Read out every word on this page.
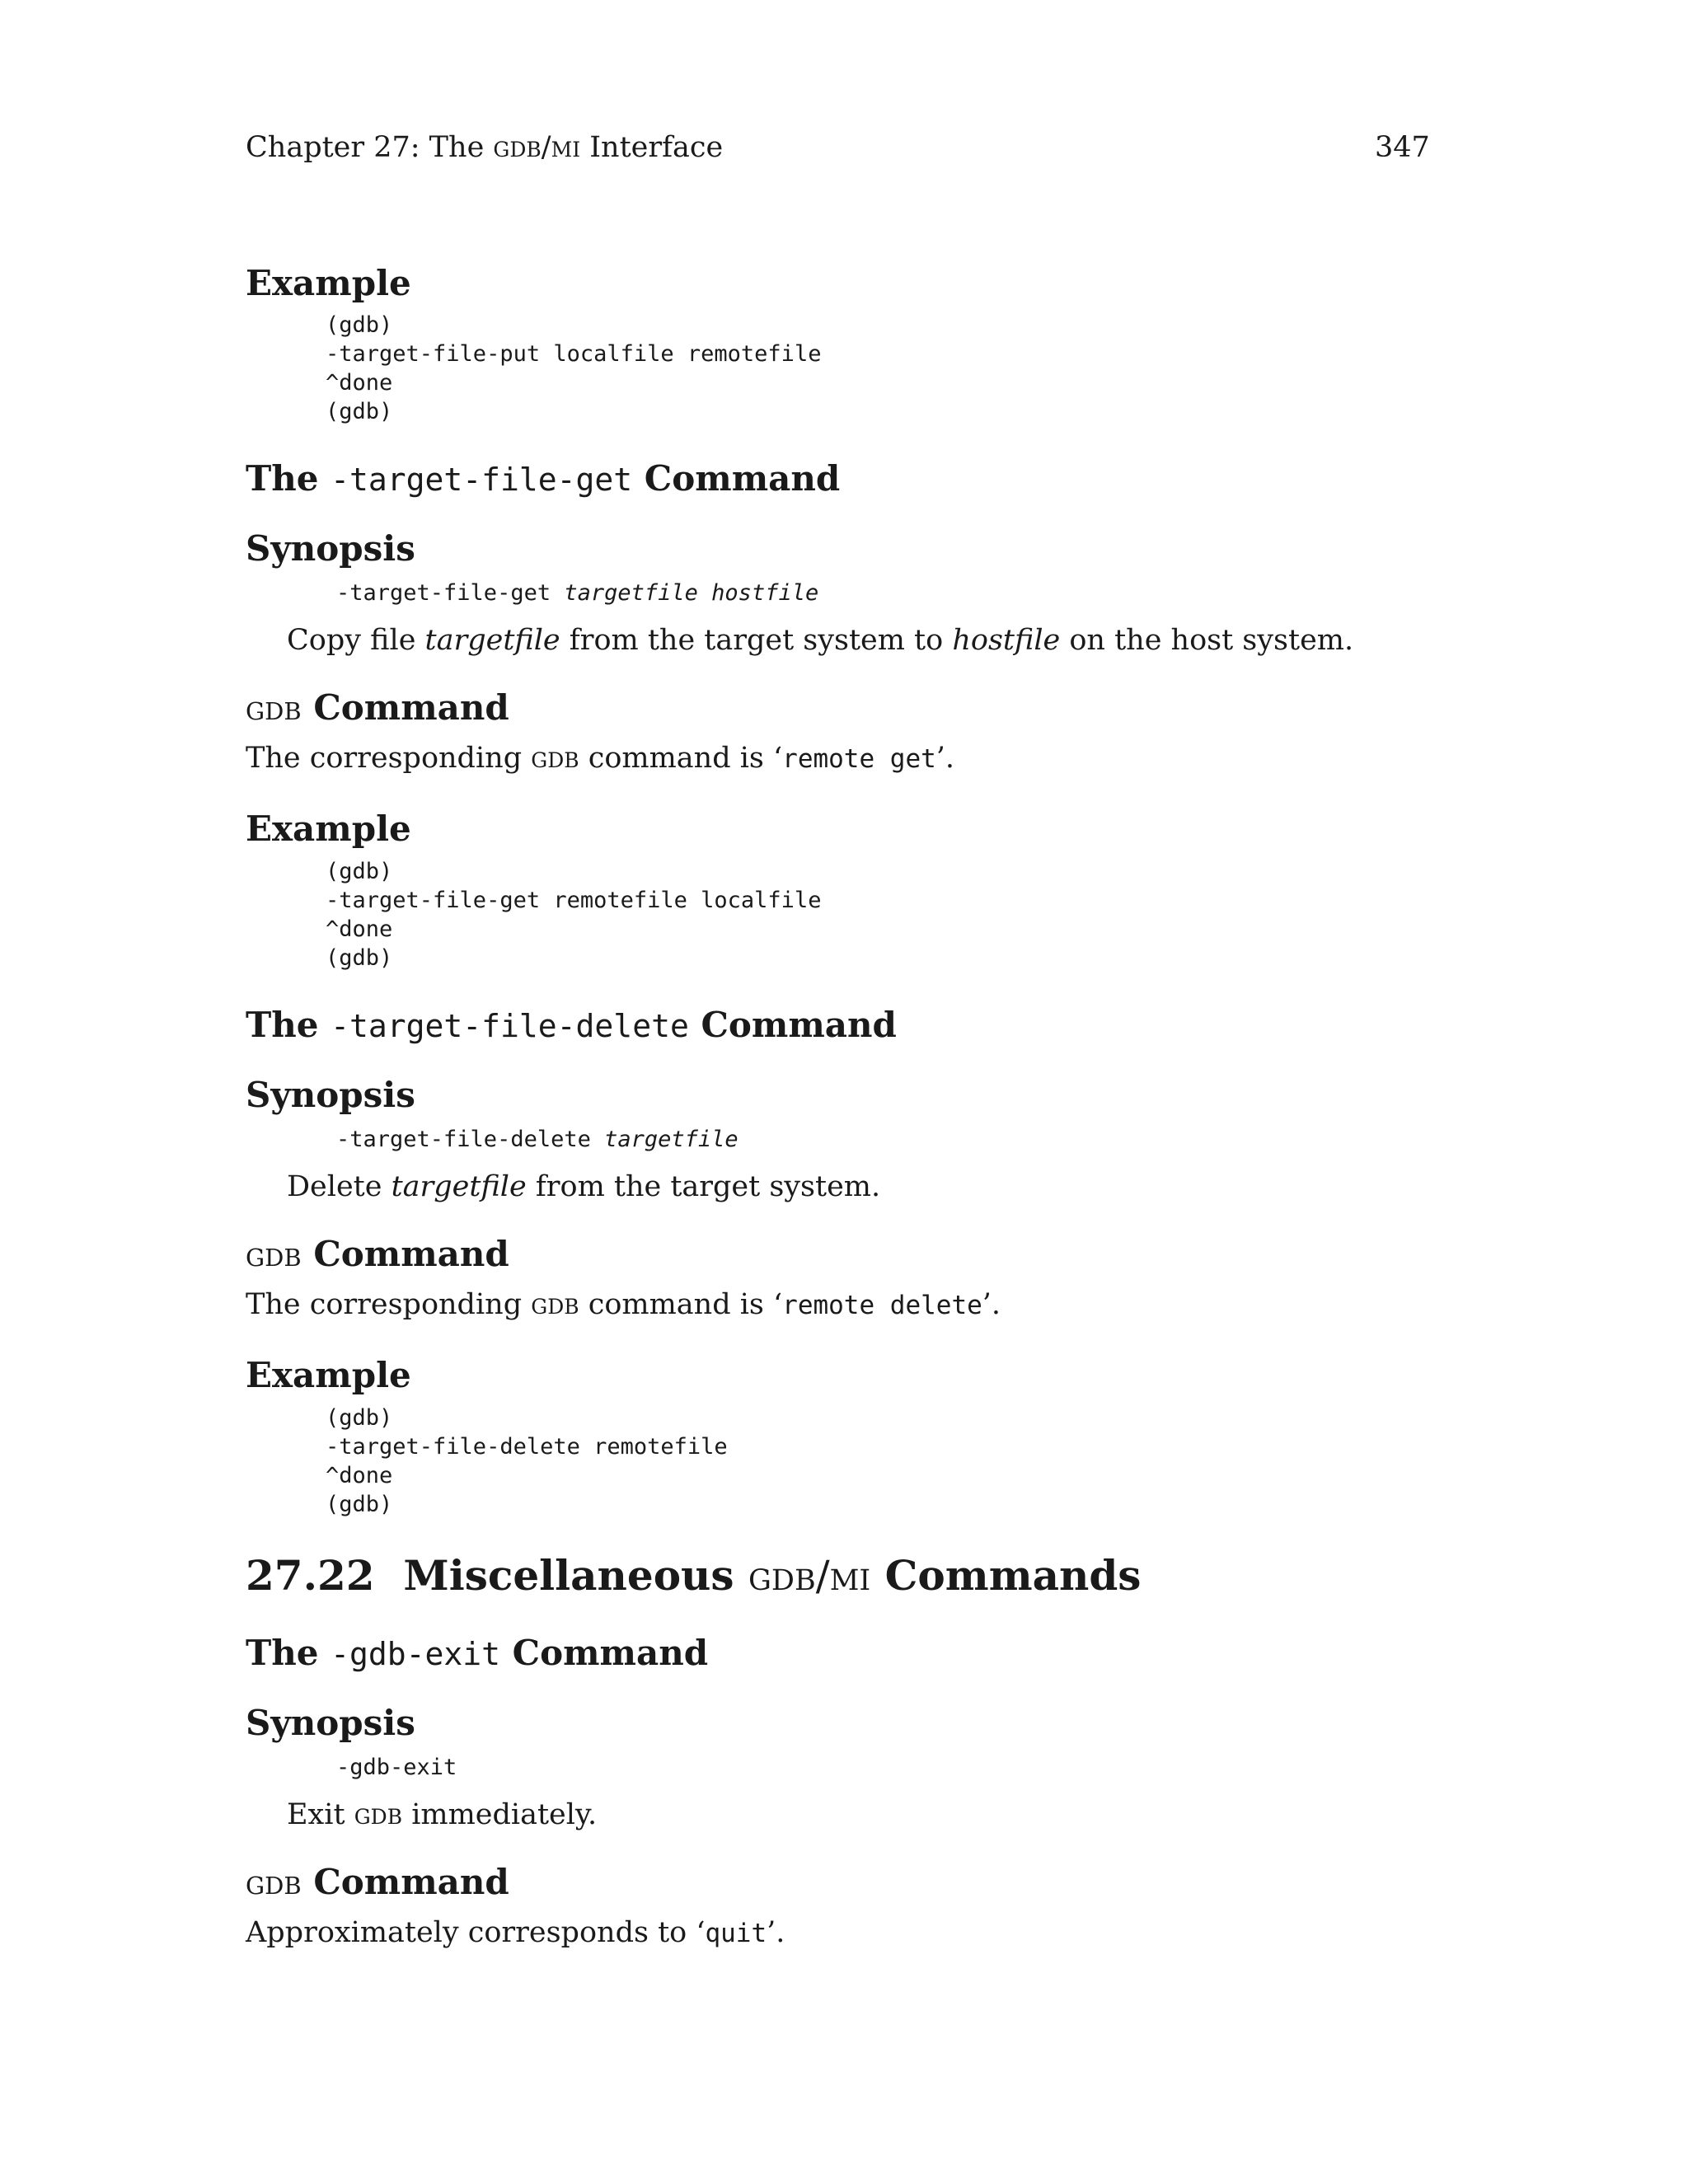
Chapter 27: The gdb/mi Interface	347
Example
(gdb)
-target-file-put localfile remotefile
^done
(gdb)
The -target-file-get Command
Synopsis
-target-file-get targetfile hostfile
Copy file targetfile from the target system to hostfile on the host system.
gdb Command
The corresponding gdb command is ‘remote get’.
Example
(gdb)
-target-file-get remotefile localfile
^done
(gdb)
The -target-file-delete Command
Synopsis
-target-file-delete targetfile
Delete targetfile from the target system.
gdb Command
The corresponding gdb command is ‘remote delete’.
Example
(gdb)
-target-file-delete remotefile
^done
(gdb)
27.22  Miscellaneous gdb/mi Commands
The -gdb-exit Command
Synopsis
-gdb-exit
Exit gdb immediately.
gdb Command
Approximately corresponds to ‘quit’.
